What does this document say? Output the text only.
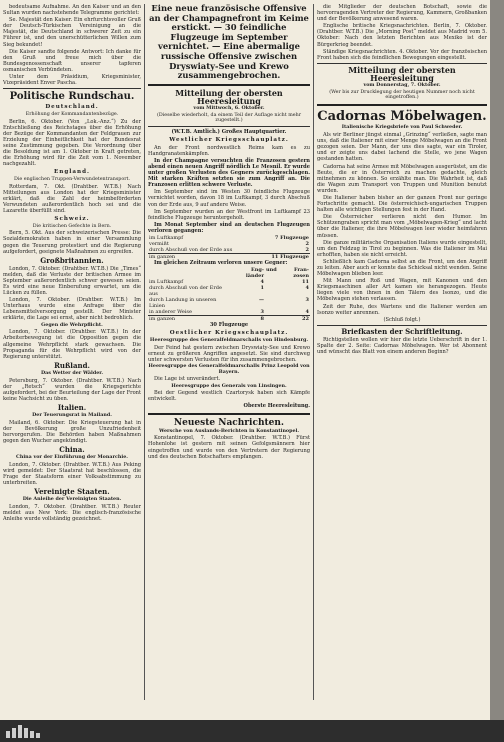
bedeutsame Aufnahme. An den Kaiser und an den Sultan wurden nachstehende Telegramme gerichtet:

Se. Majestät den Kaiser. Ein ehrfurchtsvoller Gruß der Deutsch-Türkischen Vereinigung an die Majestät, die Deutschland in schwerer Zeit zu ein Führer ist, und den unerschütterlichen Willen zum Sieg bekundet!

Die Kaiser sandte folgende Antwort: Ich danke für den Gruß und freue mich über die Bundesgenossenschaft unserer tapferen osmanischen Verbündeten.

Unter dem Präsidium, Kriegsminister, Vizepräsident Enver Pascha.

Politische Rundschau.
Deutschland.

Erhöhung der Kommandantenbezüge.

Berlin, 6. Oktober. (Von „Lok.-Anz.“) Zu der Entschließung des Reichstages über die Erhöhung der Bezüge der Kommandanten der Feldgrauen zur Erzielung der Einheitlichkeit hat der Bundesrat seine Zustimmung gegeben. Die Verordnung über die Besoldung ist am 1. Oktober in Kraft getreten, die Erhöhung wird für die Zeit vom 1. November nachgezahlt.

England.

Die englischen Truppen-Verwundetentransport.

Rotterdam, 7. Okt. (Drahtber. W.T.B.) Nach Mitteilungen aus London hat der Kriegsminister erklärt, daß die Zahl der heimbeförderten Verwundeten außerordentlich hoch sei und die Lazarette überfüllt sind.

Schweiz.

Die kritischen Gefechte in Bern.

Bern, 5. Okt. Aus der schweizerischen Presse: Die Sozialdemokraten haben in einer Versammlung gegen die Teuerung protestiert und die Regierung aufgefordert, geeignete Maßnahmen zu ergreifen.

Großbritannien.

London, 7. Oktober. (Drahtber. W.T.B.) Die „Times“ melden, daß die Verluste der britischen Armee im September außerordentlich schwer gewesen seien. Es wird eine neue Einberufung erwartet, um die Lücken zu füllen.

London, 7. Oktober. (Drahtber. W.T.B.) Im Unterhaus wurde eine Anfrage über die Lebensmittelversorgung gestellt. Der Minister erklärte, die Lage sei ernst, aber nicht bedrohlich.

Gegen die Wehrpflicht.

London, 7. Oktober. (Drahtber. W.T.B.) In der Arbeiterbewegung ist die Opposition gegen die allgemeine Wehrpflicht stark gewachsen. Die Propaganda für die Wehrpflicht wird von der Regierung unterstützt.

Rußland.

Das Wetter der Wälder.

Petersburg, 7. Oktober. (Drahtber. W.T.B.) Nach der „Retsch“ wurden die Kriegsgerichte aufgefordert, bei der Beurteilung der Lage der Front keine Nachsicht zu üben.

Italien.

Der Teuerungsrat in Mailand.

Mailand, 6. Oktober. Die Kriegsteuerung hat in der Bevölkerung große Unzufriedenheit hervorgerufen. Die Behörden haben Maßnahmen gegen den Wucher angekündigt.

China.

China vor der Einführung der Monarchie.

London, 7. Oktober. (Drahtber. W.T.B.) Aus Peking wird gemeldet: Der Staatsrat hat beschlossen, die Frage der Staatsform einer Volksabstimmung zu unterbreiten.

Vereinigte Staaten.

Die Anleihe der Vereinigten Staaten.

London, 7. Oktober. (Drahtber. W.T.B.) Reuter meldet aus New York: Die englisch-französische Anleihe wurde vollständig gezeichnet.

Eine neue französische Offensive an der Champagnefront im Keime erstickt. — 30 feindliche Flugzeuge im September vernichtet. — Eine abermalige russische Offensive zwischen Dryswiaty-See und Krewo zusammengebrochen.
Mitteilung der obersten Heeresleitung

vom Mittwoch, 6. Oktober.

(Dieselbe wiederholt, da einem Teil der Auflage nicht mehr zugestellt.)

(W.T.B. Amtlich.) Großes Hauptquartier.

Westlicher Kriegsschauplatz.

An der Front nordwestlich Reims kam es zu Handgranatenkämpfen.

In der Champagne versuchten die Franzosen gestern abend einen neuen Angriff nördlich Le Mesnil. Er wurde unter großen Verlusten des Gegners zurückgeschlagen. Mit starken Kräften setzten sie zum Angriff an. Die Franzosen erlitten schwere Verluste.

Im September sind im Westen 30 feindliche Flugzeuge vernichtet worden, davon 18 im Luftkampf, 3 durch Abschuß von der Erde aus, 9 auf andere Weise.

Im September wurden an der Westfront im Luftkampf 23 feindliche Flugzeuge heruntergeholt.

Im Monat September sind an deutschen Flugzeugen verloren gegangen:

im Luftkampf	7 Flugzeuge
vermißt	2
durch Abschuß von der Erde aus	2
im ganzen	11 Flugzeuge

Im gleichen Zeitraum verloren unsere Gegner:

	Eng-länder	und	Fran-zosen
im Luftkampf	4		11
durch Abschuß von der Erde aus	1		4
durch Landung in unseren Linien	—		3
in anderer Weise	3		4
im ganzen	8		22

30 Flugzeuge

Oestlicher Kriegsschauplatz.

Heeresgruppe des Generalfeldmarschalls von Hindenburg.

Der Feind hat gestern zwischen Dryswiaty-See und Krewo erneut zu größeren Angriffen angesetzt. Sie sind durchweg unter schwersten Verlusten für ihn zusammengebrochen.

Heeresgruppe des Generalfeldmarschalls Prinz Leopold von Bayern.

Die Lage ist unverändert.

Heeresgruppe des Generals von Linsingen.

Bei der Gegend westlich Czartorysk haben sich Kämpfe entwickelt.

Oberste Heeresleitung.

Neueste Nachrichten.

Wersche von Auslands-Berichten in Konstantinopel.

Konstantinopel, 7. Oktober. (Drahtber. W.T.B.) Fürst Hohenlohe ist gestern mit seinen Gefolgsmännern hier eingetroffen und wurde von den Vertretern der Regierung und des deutschen Botschafters empfangen.

die Mitglieder der deutschen Botschaft, sowie die hervorragenden Vertreter der Regierung, Kammern, Großbanken und der Bevölkerung anwesend waren.

Englische britische Kriegsnachrichten. Berlin, 7. Oktober. (Drahtber. W.T.B.) Die „Morning Post“ meldet aus Madrid vom 5. Oktober: Nach den letzten Berichten aus Mexiko ist der Bürgerkrieg beendet.

Ständige Kriegsnachrichten. 4. Oktober. Vor der französischen Front haben sich die feindlichen Bewegungen eingestellt.

Mitteilung der obersten Heeresleitung

vom Donnerstag, 7. Oktober.

(Wer bis zur Drucklegung der heutigen Nummer noch nicht eingetroffen.)

Cadornas Möbelwagen.

Italienische Kriegsbriefe von Paul Schweder.

Als wir Berliner jüngst einmal „Grinzing“ verließen, sagte man uns, daß die Italiener mit einer Menge Möbelwagen an die Front gezogen seien. Der Mann, der uns dies sagte, war ein Tiroler, und er zeigte uns dabei lachend die Stelle, wo jene Wagen gestanden hatten.

Cadorna hat seine Armee mit Möbelwagen ausgerüstet, um die Beute, die er in Österreich zu machen gedachte, gleich mitnehmen zu können. So erzählte man. Die Wahrheit ist, daß die Wagen zum Transport von Truppen und Munition benutzt wurden.

Die Italiener haben bisher an der ganzen Front nur geringe Fortschritte gemacht. Die österreichisch-ungarischen Truppen halten alle wichtigen Stellungen fest in der Hand.

Die Österreicher verlieren nicht den Humor. Im Schützengraben spricht man vom „Möbelwagen-Krieg“ und lacht über die Italiener, die ihre Möbelwagen leer wieder heimfahren müssen.

Die ganze militärische Organisation Italiens wurde eingestellt, um den Feldzug in Tirol zu beginnen. Was die Italiener im Mai erhofften, haben sie nicht erreicht.

Schließlich kam Cadorna selbst an die Front, um den Angriff zu leiten. Aber auch er konnte das Schicksal nicht wenden. Seine Möbelwagen blieben leer.

Mit Mann und Roß und Wagen, mit Kanonen und den Kriegsmaschinen aller Art kamen sie herangezogen. Heute liegen viele von ihnen in den Tälern des Isonzo, und die Möbelwagen stehen verlassen.

Zeit der Ruhe, des Wartens und die Italiener werden am Isonzo weiter anrennen.

(Schluß folgt.)

Briefkasten der Schriftleitung.

Richtigstellen wollen wir hier die letzte Ueberschrift in der 1. Spalte der 2. Seite: Cadornas Möbelwagen. Wer ist Abonnent und wünscht das Blatt von einem anderen Beginn?
